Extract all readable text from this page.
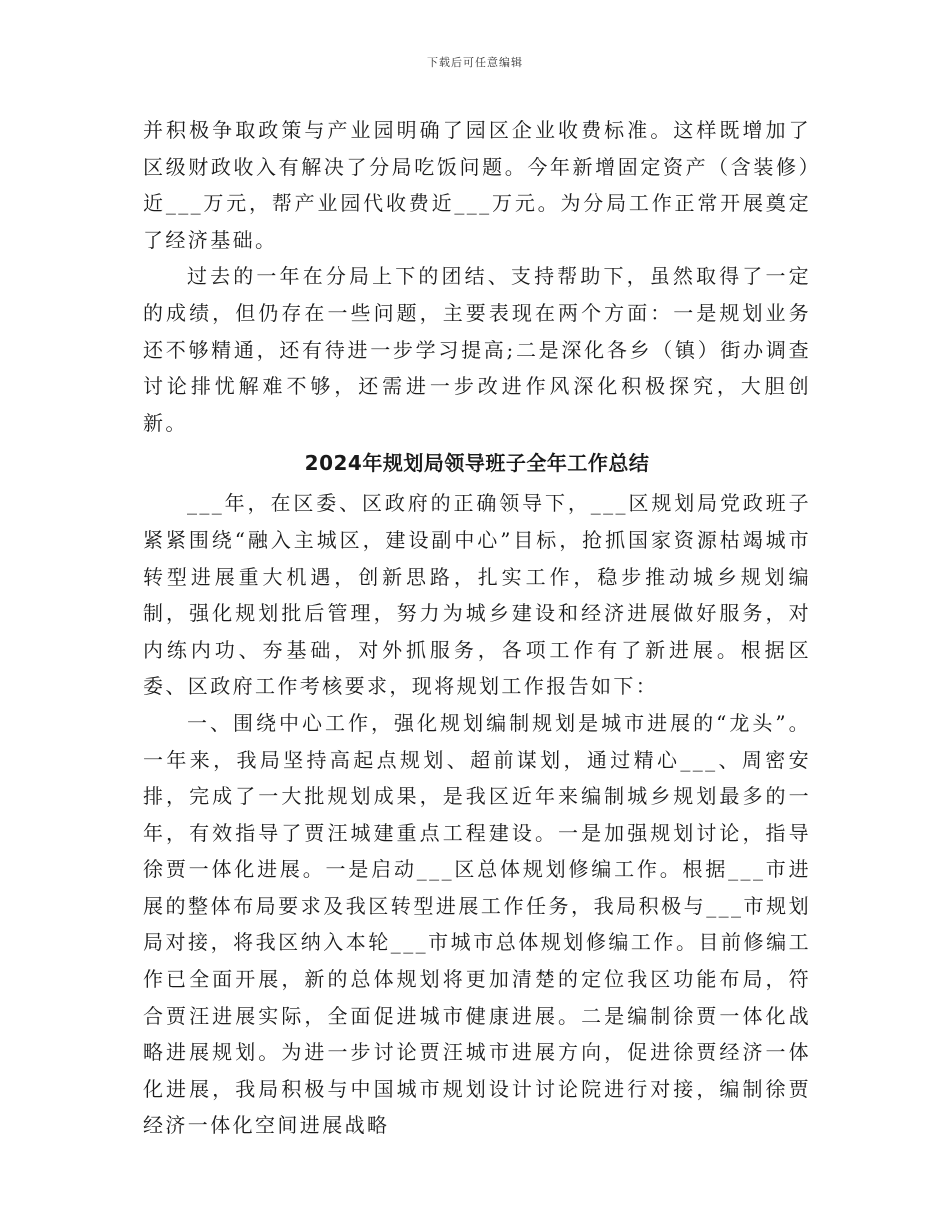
下载后可任意编辑

并积极争取政策与产业园明确了园区企业收费标准。这样既增加了区级财政收入有解决了分局吃饭问题。今年新增固定资产（含装修）近___万元，帮产业园代收费近___万元。为分局工作正常开展奠定了经济基础。

过去的一年在分局上下的团结、支持帮助下，虽然取得了一定的成绩，但仍存在一些问题，主要表现在两个方面：一是规划业务还不够精通，还有待进一步学习提高;二是深化各乡（镇）街办调查讨论排忧解难不够，还需进一步改进作风深化积极探究，大胆创新。

2024年规划局领导班子全年工作总结

___年，在区委、区政府的正确领导下，___区规划局党政班子紧紧围绕“融入主城区，建设副中心”目标，抢抓国家资源枯竭城市转型进展重大机遇，创新思路，扎实工作，稳步推动城乡规划编制，强化规划批后管理，努力为城乡建设和经济进展做好服务，对内练内功、夯基础，对外抓服务，各项工作有了新进展。根据区委、区政府工作考核要求，现将规划工作报告如下：

一、围绕中心工作，强化规划编制规划是城市进展的“龙头”。一年来，我局坚持高起点规划、超前谋划，通过精心___、周密安排，完成了一大批规划成果，是我区近年来编制城乡规划最多的一年，有效指导了贾汪城建重点工程建设。一是加强规划讨论，指导徐贾一体化进展。一是启动___区总体规划修编工作。根据___市进展的整体布局要求及我区转型进展工作任务，我局积极与___市规划局对接，将我区纳入本轮___市城市总体规划修编工作。目前修编工作已全面开展，新的总体规划将更加清楚的定位我区功能布局，符合贾汪进展实际，全面促进城市健康进展。二是编制徐贾一体化战略进展规划。为进一步讨论贾汪城市进展方向，促进徐贾经济一体化进展，我局积极与中国城市规划设计讨论院进行对接，编制徐贾经济一体化空间进展战略
